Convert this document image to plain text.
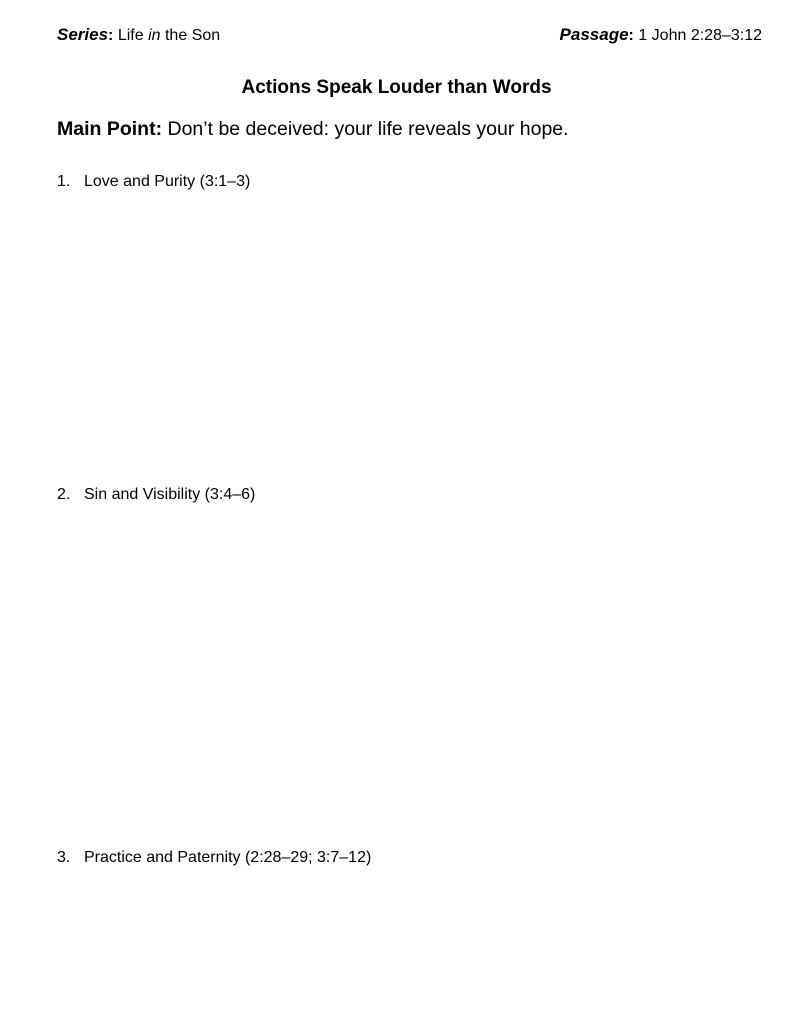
Series: Life in the Son	Passage: 1 John 2:28–3:12
Actions Speak Louder than Words
Main Point: Don’t be deceived: your life reveals your hope.
1. Love and Purity (3:1–3)
2. Sin and Visibility (3:4–6)
3. Practice and Paternity (2:28–29; 3:7–12)
